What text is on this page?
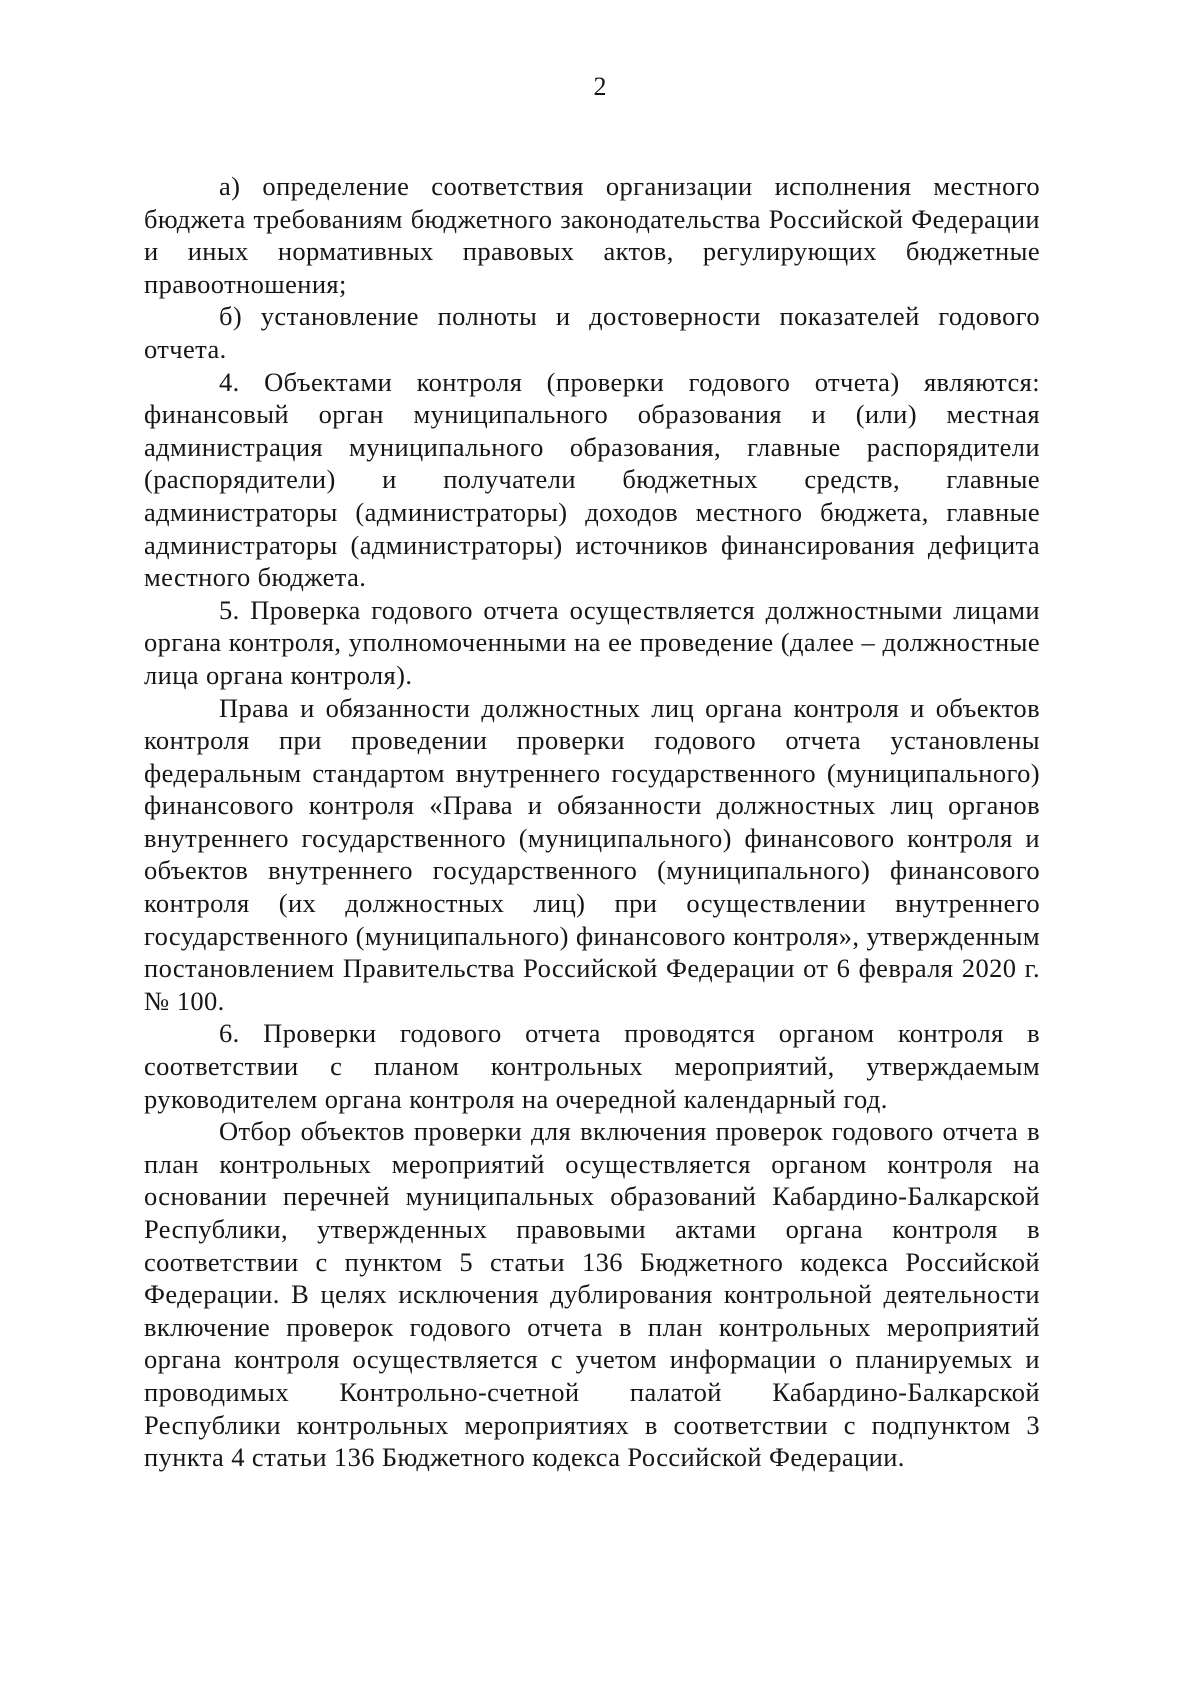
2

а) определение соответствия организации исполнения местного бюджета требованиям бюджетного законодательства Российской Федерации и иных нормативных правовых актов, регулирующих бюджетные правоотношения;

б) установление полноты и достоверности показателей годового отчета.

4. Объектами контроля (проверки годового отчета) являются: финансовый орган муниципального образования и (или) местная администрация муниципального образования, главные распорядители (распорядители) и получатели бюджетных средств, главные администраторы (администраторы) доходов местного бюджета, главные администраторы (администраторы) источников финансирования дефицита местного бюджета.

5. Проверка годового отчета осуществляется должностными лицами органа контроля, уполномоченными на ее проведение (далее – должностные лица органа контроля).

Права и обязанности должностных лиц органа контроля и объектов контроля при проведении проверки годового отчета установлены федеральным стандартом внутреннего государственного (муниципального) финансового контроля «Права и обязанности должностных лиц органов внутреннего государственного (муниципального) финансового контроля и объектов внутреннего государственного (муниципального) финансового контроля (их должностных лиц) при осуществлении внутреннего государственного (муниципального) финансового контроля», утвержденным постановлением Правительства Российской Федерации от 6 февраля 2020 г. № 100.

6. Проверки годового отчета проводятся органом контроля в соответствии с планом контрольных мероприятий, утверждаемым руководителем органа контроля на очередной календарный год.

Отбор объектов проверки для включения проверок годового отчета в план контрольных мероприятий осуществляется органом контроля на основании перечней муниципальных образований Кабардино-Балкарской Республики, утвержденных правовыми актами органа контроля в соответствии с пунктом 5 статьи 136 Бюджетного кодекса Российской Федерации. В целях исключения дублирования контрольной деятельности включение проверок годового отчета в план контрольных мероприятий органа контроля осуществляется с учетом информации о планируемых и проводимых Контрольно-счетной палатой Кабардино-Балкарской Республики контрольных мероприятиях в соответствии с подпунктом 3 пункта 4 статьи 136 Бюджетного кодекса Российской Федерации.
